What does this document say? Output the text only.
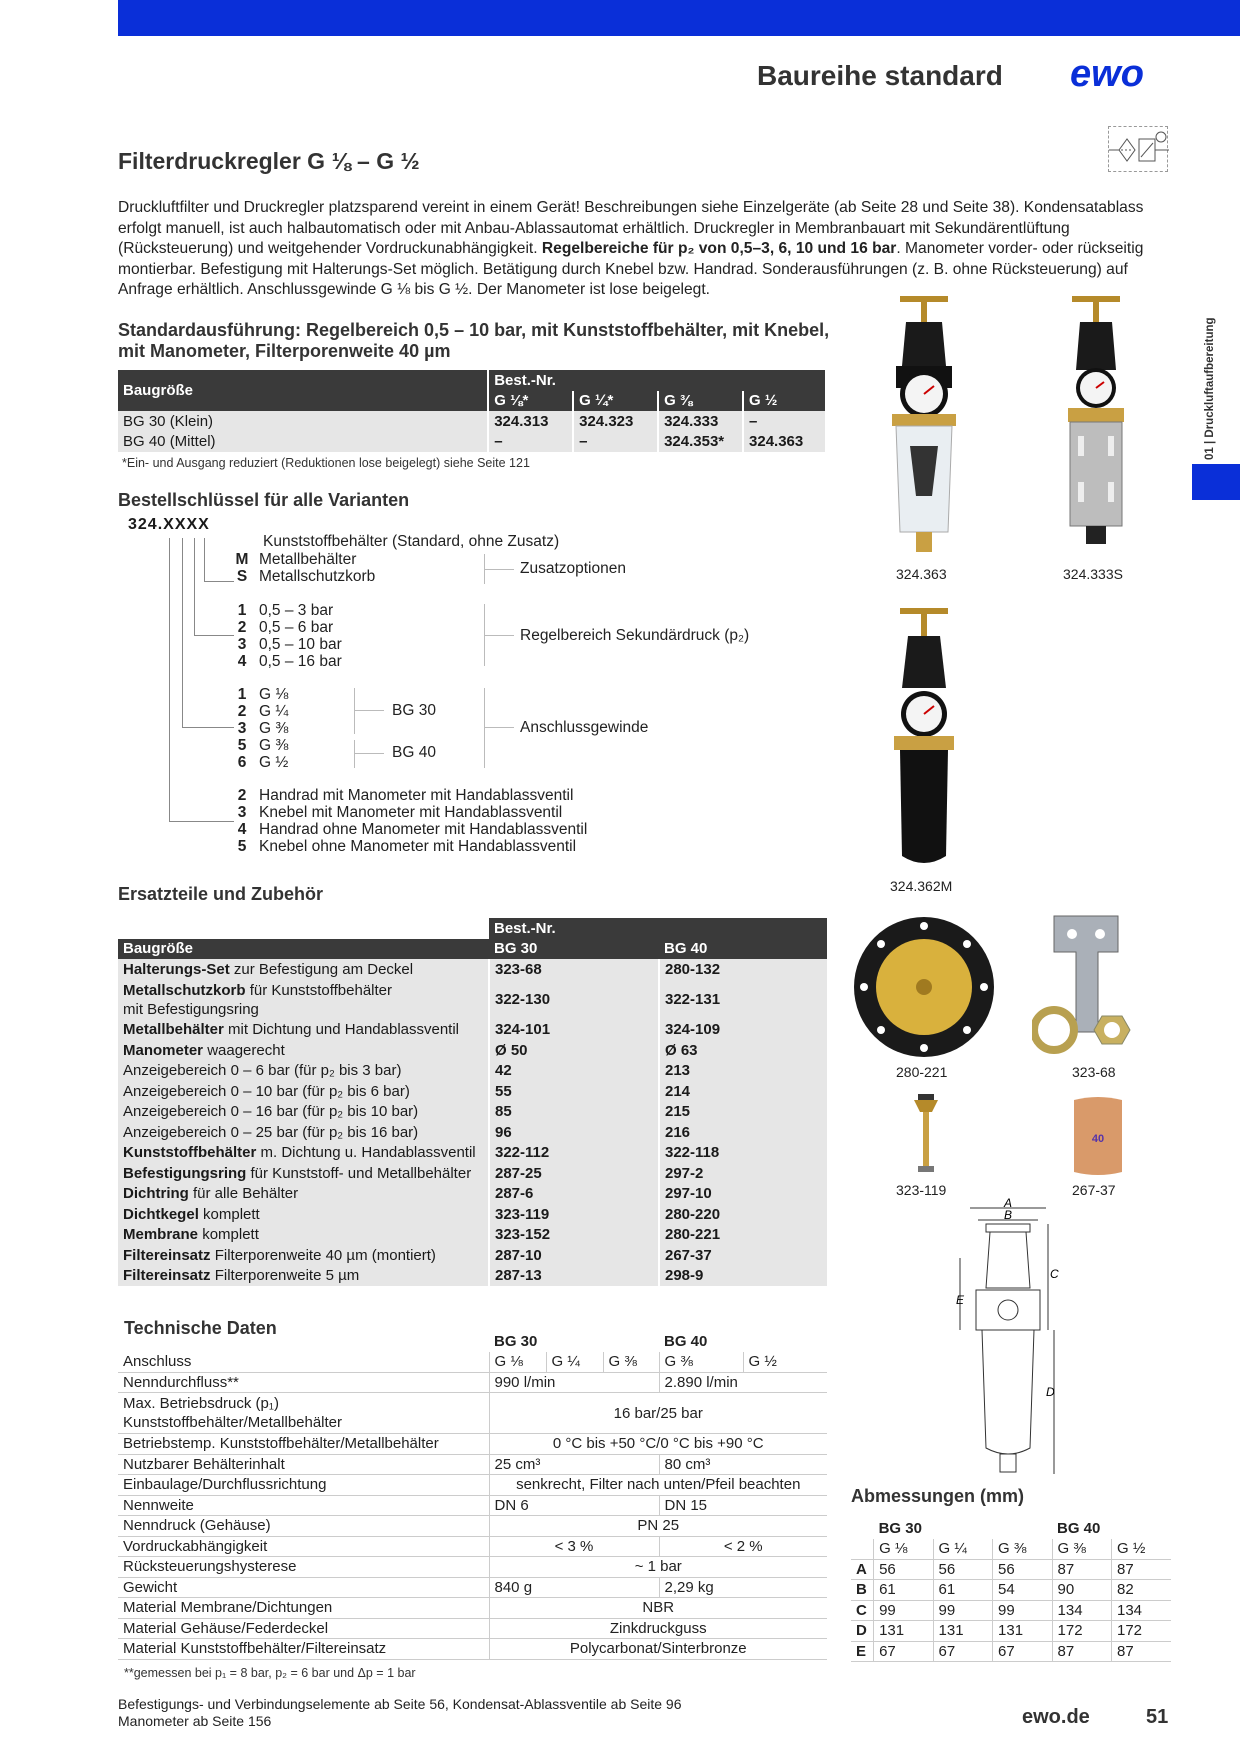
Baureihe standard ewo
Filterdruckregler G ⅛ – G ½
Druckluftfilter und Druckregler platzsparend vereint in einem Gerät! Beschreibungen siehe Einzelgeräte (ab Seite 28 und Seite 38). Kondensatablass erfolgt manuell, ist auch halbautomatisch oder mit Anbau-Ablassautomat erhältlich. Druckregler in Membranbauart mit Sekundärentlüftung (Rücksteuerung) und weitgehender Vordruckunabhängigkeit. Regelbereiche für p₂ von 0,5–3, 6, 10 und 16 bar. Manometer vorder- oder rückseitig montierbar. Befestigung mit Halterungs-Set möglich. Betätigung durch Knebel bzw. Handrad. Sonderausführungen (z. B. ohne Rücksteuerung) auf Anfrage erhältlich. Anschlussgewinde G ⅛ bis G ½. Der Manometer ist lose beigelegt.
01 | Druckluftaufbereitung
Standardausführung: Regelbereich 0,5 – 10 bar, mit Kunststoffbehälter, mit Knebel, mit Manometer, Filterporenweite 40 µm
Baugröße	Best.-Nr.			
	G ⅛*	G ¼*	G ⅜	G ½
BG 30 (Klein)	324.313	324.323	324.333	–
BG 40 (Mittel)	–	–	324.353*	324.363
*Ein- und Ausgang reduziert (Reduktionen lose beigelegt) siehe Seite 121
Bestellschlüssel für alle Varianten
324.XXXX
Kunststoffbehälter (Standard, ohne Zusatz)
M Metallbehälter
S Metallschutzkorb	Zusatzoptionen
1 0,5 – 3 bar
2 0,5 – 6 bar
3 0,5 – 10 bar
4 0,5 – 16 bar
Regelbereich Sekundärdruck (p₂)
1 G ⅛
2 G ¼
3 G ⅜
5 G ⅜
6 G ½
BG 30
BG 40
Anschlussgewinde
2 Handrad mit Manometer mit Handablassventil
3 Knebel mit Manometer mit Handablassventil
4 Handrad ohne Manometer mit Handablassventil
5 Knebel ohne Manometer mit Handablassventil
324.363	324.333S
324.362M
280-221	323-68
40
323-119	267-37
A
B
C
D
E
Ersatzteile und Zubehör
	Best.-Nr.	
Baugröße	BG 30	BG 40
Halterungs-Set zur Befestigung am Deckel	323-68	280-132
Metallschutzkorb für Kunststoffbehälter
mit Befestigungsring	322-130	322-131
Metallbehälter mit Dichtung und Handablassventil	324-101	324-109
Manometer waagerecht	Ø 50	Ø 63
Anzeigebereich 0 – 6 bar (für p₂ bis 3 bar)	42	213
Anzeigebereich 0 – 10 bar (für p₂ bis 6 bar)	55	214
Anzeigebereich 0 – 16 bar (für p₂ bis 10 bar)	85	215
Anzeigebereich 0 – 25 bar (für p₂ bis 16 bar)	96	216
Kunststoffbehälter m. Dichtung u. Handablassventil	322-112	322-118
Befestigungsring für Kunststoff- und Metallbehälter	287-25	297-2
Dichtring für alle Behälter	287-6	297-10
Dichtkegel komplett	323-119	280-220
Membrane komplett	323-152	280-221
Filtereinsatz Filterporenweite 40 µm (montiert)	287-10	267-37
Filtereinsatz Filterporenweite 5 µm	287-13	298-9
Technische Daten
	BG 30			BG 40	
Anschluss	G ⅛	G ¼	G ⅜	G ⅜	G ½
Nenndurchfluss**	990 l/min			2.890 l/min	
Max. Betriebsdruck (p₁)
Kunststoffbehälter/Metallbehälter	16 bar/25 bar				
Betriebstemp. Kunststoffbehälter/Metallbehälter	0 °C bis +50 °C/0 °C bis +90 °C				
Nutzbarer Behälterinhalt	25 cm³			80 cm³	
Einbaulage/Durchflussrichtung	senkrecht, Filter nach unten/Pfeil beachten				
Nennweite	DN 6			DN 15	
Nenndruck (Gehäuse)	PN 25				
Vordruckabhängigkeit	< 3 %			< 2 %	
Rücksteuerungshysterese	~ 1 bar				
Gewicht	840 g			2,29 kg	
Material Membrane/Dichtungen	NBR				
Material Gehäuse/Federdeckel	Zinkdruckguss				
Material Kunststoffbehälter/Filtereinsatz	Polycarbonat/Sinterbronze				
**gemessen bei p₁ = 8 bar, p₂ = 6 bar und Δp = 1 bar
Abmessungen (mm)
	BG 30			BG 40	
	G ⅛	G ¼	G ⅜	G ⅜	G ½
A	56	56	56	87	87
B	61	61	54	90	82
C	99	99	99	134	134
D	131	131	131	172	172
E	67	67	67	87	87
Befestigungs- und Verbindungselemente ab Seite 56, Kondensat-Ablassventile ab Seite 96
Manometer ab Seite 156	ewo.de	51
